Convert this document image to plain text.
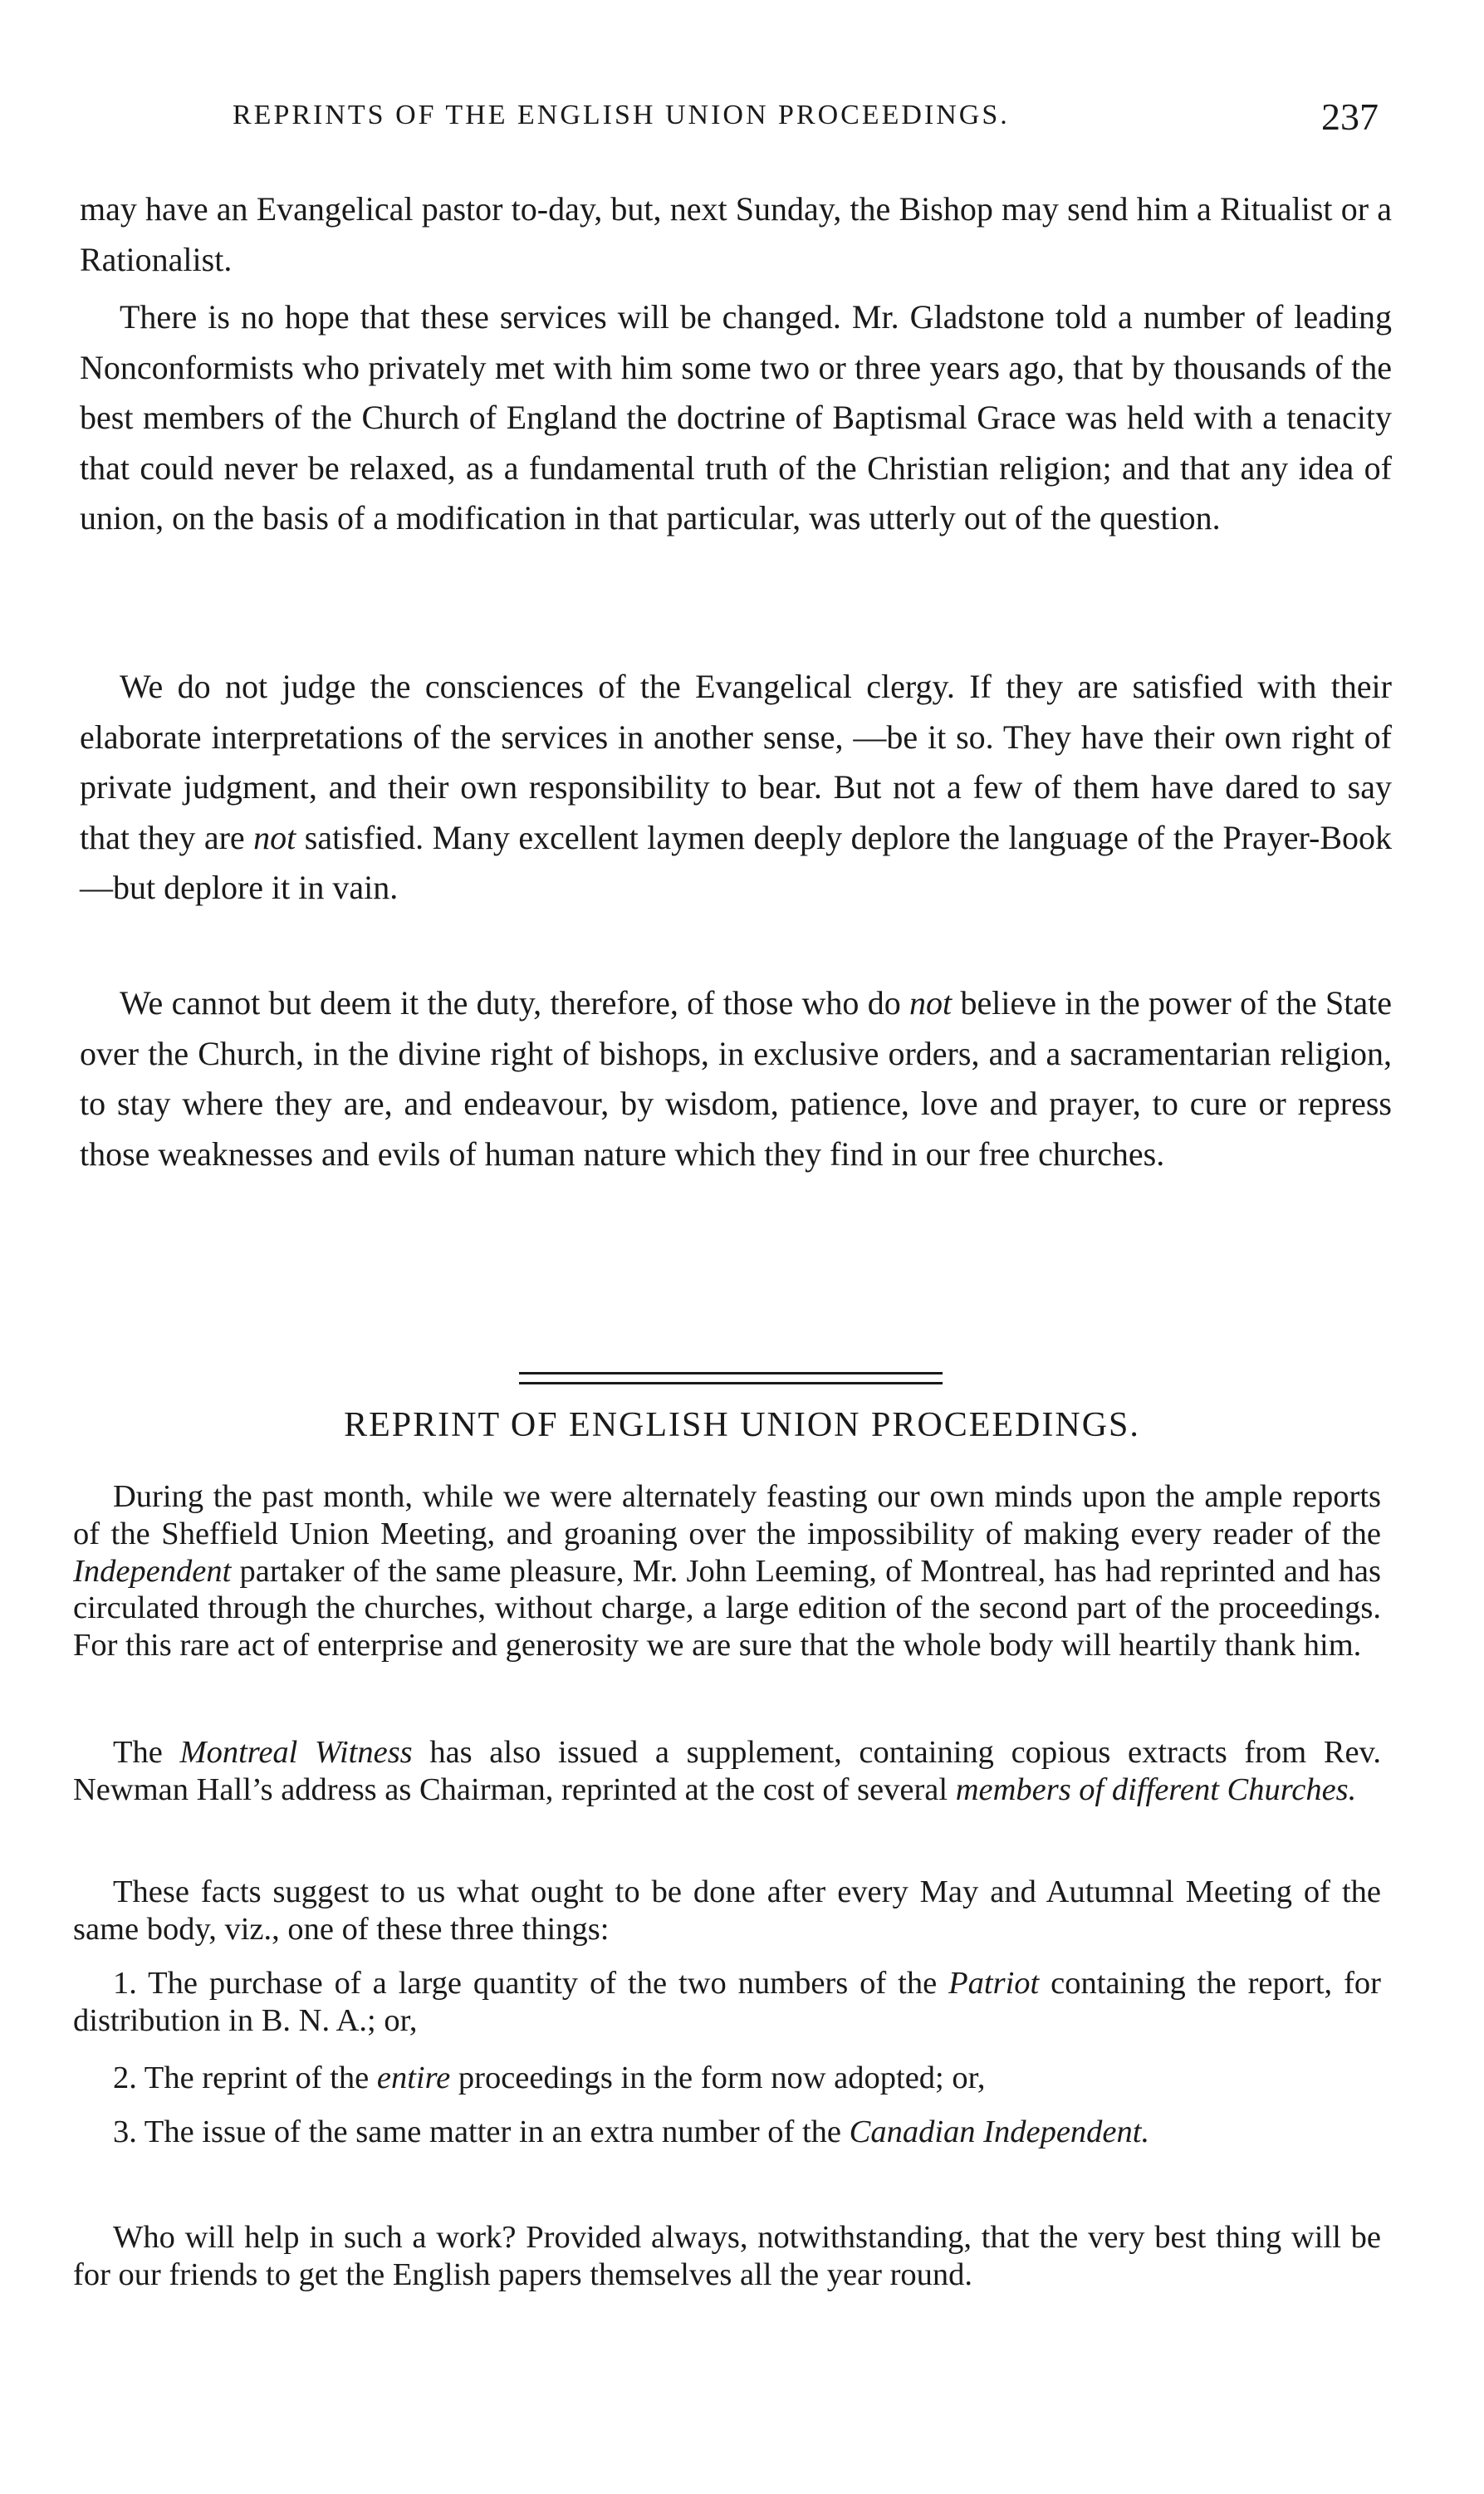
REPRINTS OF THE ENGLISH UNION PROCEEDINGS.	237

may have an Evangelical pastor to-day, but, next Sunday, the Bishop may send him a Ritualist or a Rationalist.

There is no hope that these services will be changed. Mr. Gladstone told a number of leading Nonconformists who privately met with him some two or three years ago, that by thousands of the best members of the Church of England the doctrine of Baptismal Grace was held with a tenacity that could never be relaxed, as a fundamental truth of the Christian religion; and that any idea of union, on the basis of a modification in that particular, was utterly out of the question.

We do not judge the consciences of the Evangelical clergy. If they are satisfied with their elaborate interpretations of the services in another sense, —be it so. They have their own right of private judgment, and their own responsibility to bear. But not a few of them have dared to say that they are not satisfied. Many excellent laymen deeply deplore the language of the Prayer-Book—but deplore it in vain.

We cannot but deem it the duty, therefore, of those who do not believe in the power of the State over the Church, in the divine right of bishops, in exclusive orders, and a sacramentarian religion, to stay where they are, and endeavour, by wisdom, patience, love and prayer, to cure or repress those weaknesses and evils of human nature which they find in our free churches.

REPRINT OF ENGLISH UNION PROCEEDINGS.

During the past month, while we were alternately feasting our own minds upon the ample reports of the Sheffield Union Meeting, and groaning over the impossibility of making every reader of the Independent partaker of the same pleasure, Mr. John Leeming, of Montreal, has had reprinted and has circulated through the churches, without charge, a large edition of the second part of the proceedings. For this rare act of enterprise and generosity we are sure that the whole body will heartily thank him.

The Montreal Witness has also issued a supplement, containing copious extracts from Rev. Newman Hall’s address as Chairman, reprinted at the cost of several members of different Churches.

These facts suggest to us what ought to be done after every May and Autumnal Meeting of the same body, viz., one of these three things:

1. The purchase of a large quantity of the two numbers of the Patriot containing the report, for distribution in B. N. A.; or,

2. The reprint of the entire proceedings in the form now adopted; or,

3. The issue of the same matter in an extra number of the Canadian Independent.

Who will help in such a work? Provided always, notwithstanding, that the very best thing will be for our friends to get the English papers themselves all the year round.
